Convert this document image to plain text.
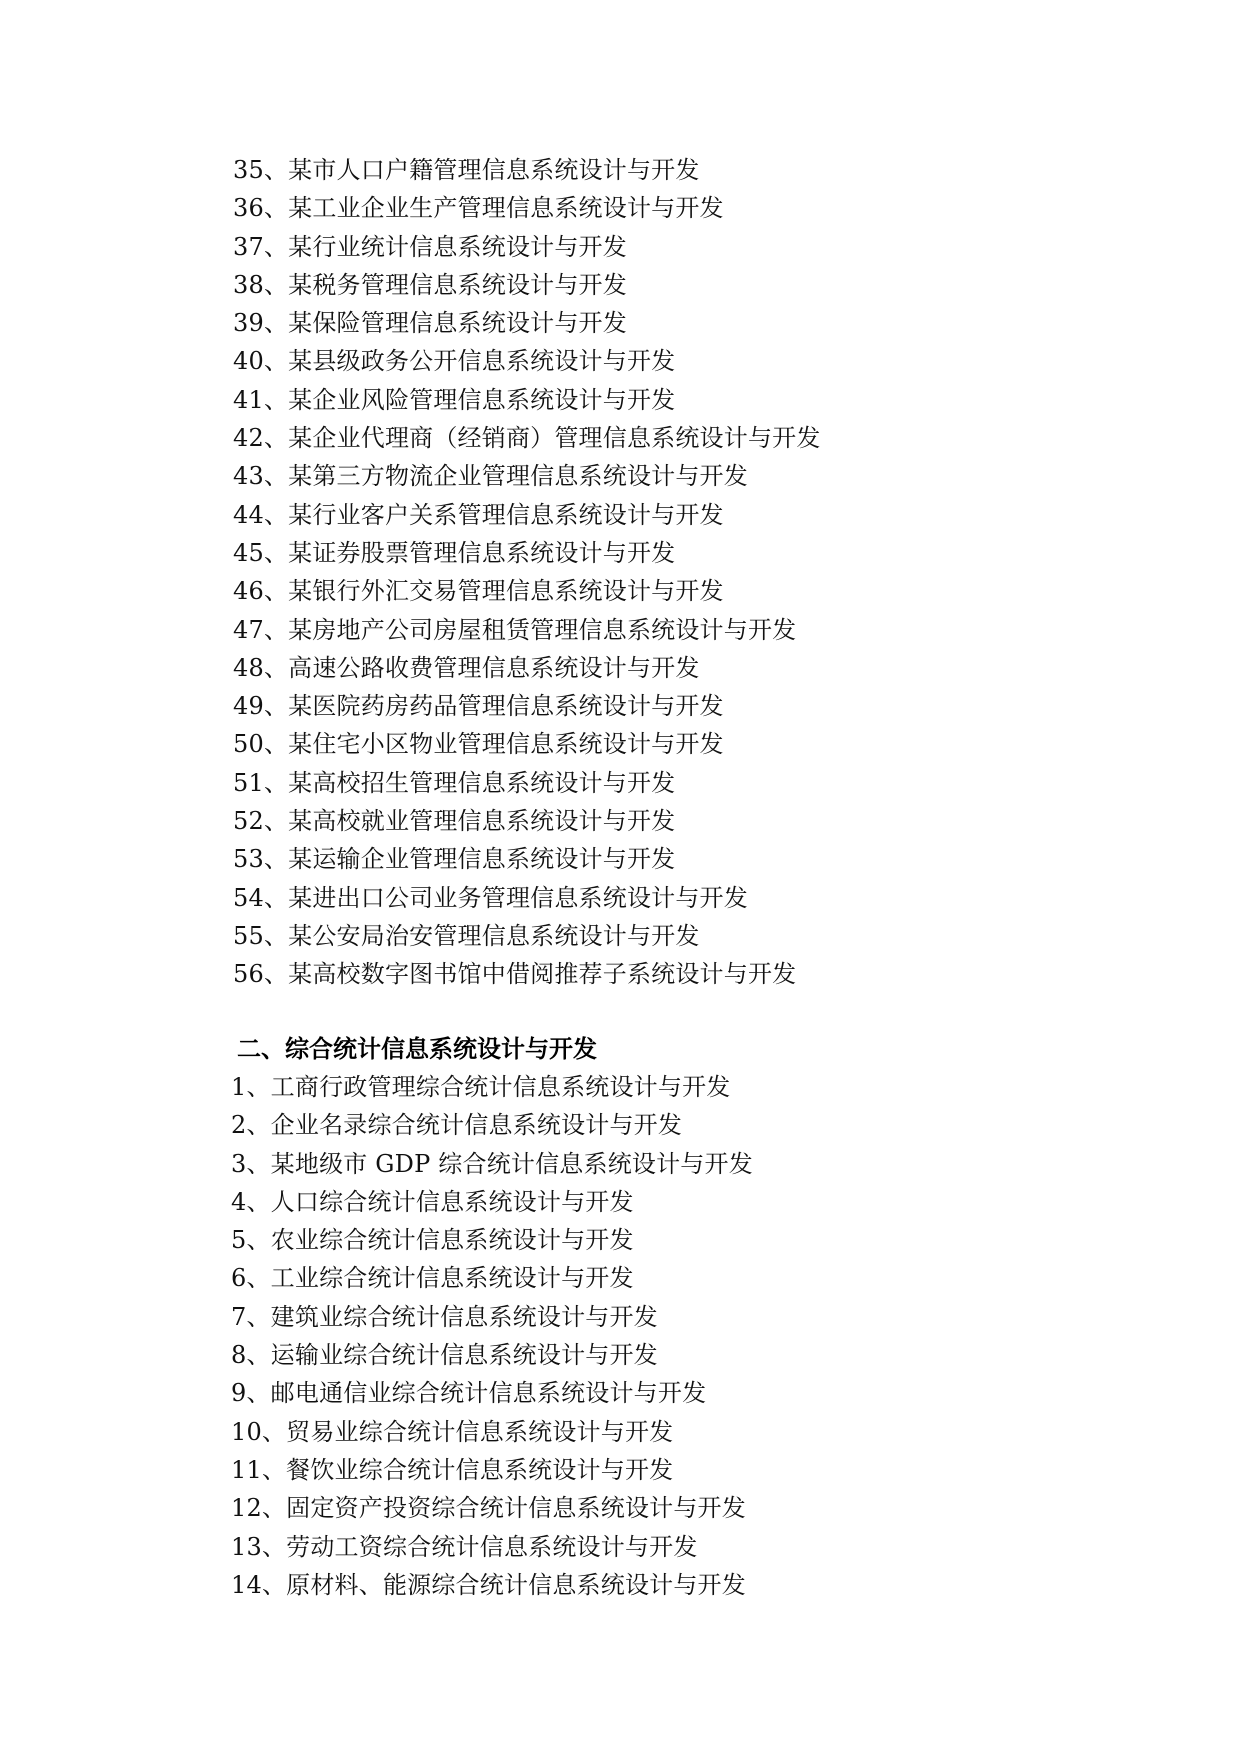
35、某市人口户籍管理信息系统设计与开发
36、某工业企业生产管理信息系统设计与开发
37、某行业统计信息系统设计与开发
38、某税务管理信息系统设计与开发
39、某保险管理信息系统设计与开发
40、某县级政务公开信息系统设计与开发
41、某企业风险管理信息系统设计与开发
42、某企业代理商（经销商）管理信息系统设计与开发
43、某第三方物流企业管理信息系统设计与开发
44、某行业客户关系管理信息系统设计与开发
45、某证券股票管理信息系统设计与开发
46、某银行外汇交易管理信息系统设计与开发
47、某房地产公司房屋租赁管理信息系统设计与开发
48、高速公路收费管理信息系统设计与开发
49、某医院药房药品管理信息系统设计与开发
50、某住宅小区物业管理信息系统设计与开发
51、某高校招生管理信息系统设计与开发
52、某高校就业管理信息系统设计与开发
53、某运输企业管理信息系统设计与开发
54、某进出口公司业务管理信息系统设计与开发
55、某公安局治安管理信息系统设计与开发
56、某高校数字图书馆中借阅推荐子系统设计与开发
二、综合统计信息系统设计与开发
1、工商行政管理综合统计信息系统设计与开发
2、企业名录综合统计信息系统设计与开发
3、某地级市 GDP 综合统计信息系统设计与开发
4、人口综合统计信息系统设计与开发
5、农业综合统计信息系统设计与开发
6、工业综合统计信息系统设计与开发
7、建筑业综合统计信息系统设计与开发
8、运输业综合统计信息系统设计与开发
9、邮电通信业综合统计信息系统设计与开发
10、贸易业综合统计信息系统设计与开发
11、餐饮业综合统计信息系统设计与开发
12、固定资产投资综合统计信息系统设计与开发
13、劳动工资综合统计信息系统设计与开发
14、原材料、能源综合统计信息系统设计与开发
